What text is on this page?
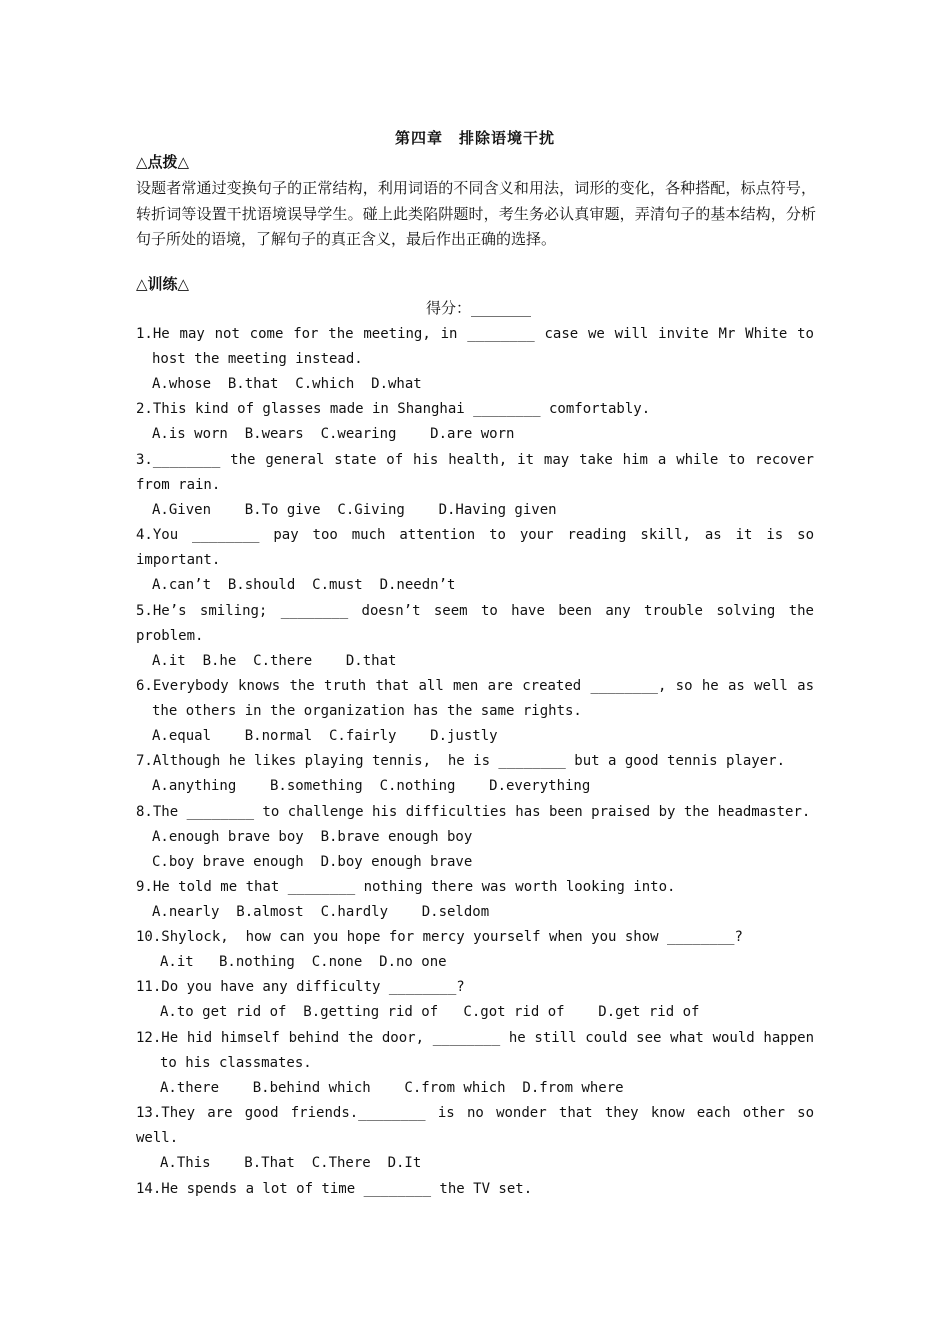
第四章　排除语境干扰
△点拨△
设题者常通过变换句子的正常结构，利用词语的不同含义和用法，词形的变化，各种搭配，标点符号，转折词等设置干扰语境误导学生。碰上此类陷阱题时，考生务必认真审题，弄清句子的基本结构，分析句子所处的语境，了解句子的真正含义，最后作出正确的选择。
△训练△
得分：________
1.He may not come for the meeting, in ________ case we will invite Mr White to
host the meeting instead.
A.whose  B.that  C.which  D.what
2.This kind of glasses made in Shanghai ________ comfortably.
A.is worn  B.wears  C.wearing    D.are worn
3.________ the general state of his health, it may take him a while to recover
from rain.
A.Given    B.To give  C.Giving    D.Having given
4.You ________ pay too much attention to your reading skill, as it is so
important.
A.can’t  B.should  C.must  D.needn’t
5.He’s smiling; ________ doesn’t seem to have been any trouble solving the
problem.
A.it  B.he  C.there    D.that
6.Everybody knows the truth that all men are created ________, so he as well as
the others in the organization has the same rights.
A.equal    B.normal  C.fairly    D.justly
7.Although he likes playing tennis,  he is ________ but a good tennis player.
A.anything    B.something  C.nothing    D.everything
8.The ________ to challenge his difficulties has been praised by the headmaster.
A.enough brave boy  B.brave enough boy
C.boy brave enough  D.boy enough brave
9.He told me that ________ nothing there was worth looking into.
A.nearly  B.almost  C.hardly    D.seldom
10.Shylock,  how can you hope for mercy yourself when you show ________?
A.it   B.nothing  C.none  D.no one
11.Do you have any difficulty ________?
A.to get rid of  B.getting rid of   C.got rid of    D.get rid of
12.He hid himself behind the door, ________ he still could see what would happen
to his classmates.
A.there    B.behind which    C.from which  D.from where
13.They are good friends.________ is no wonder that they know each other so
well.
A.This    B.That  C.There  D.It
14.He spends a lot of time ________ the TV set.
